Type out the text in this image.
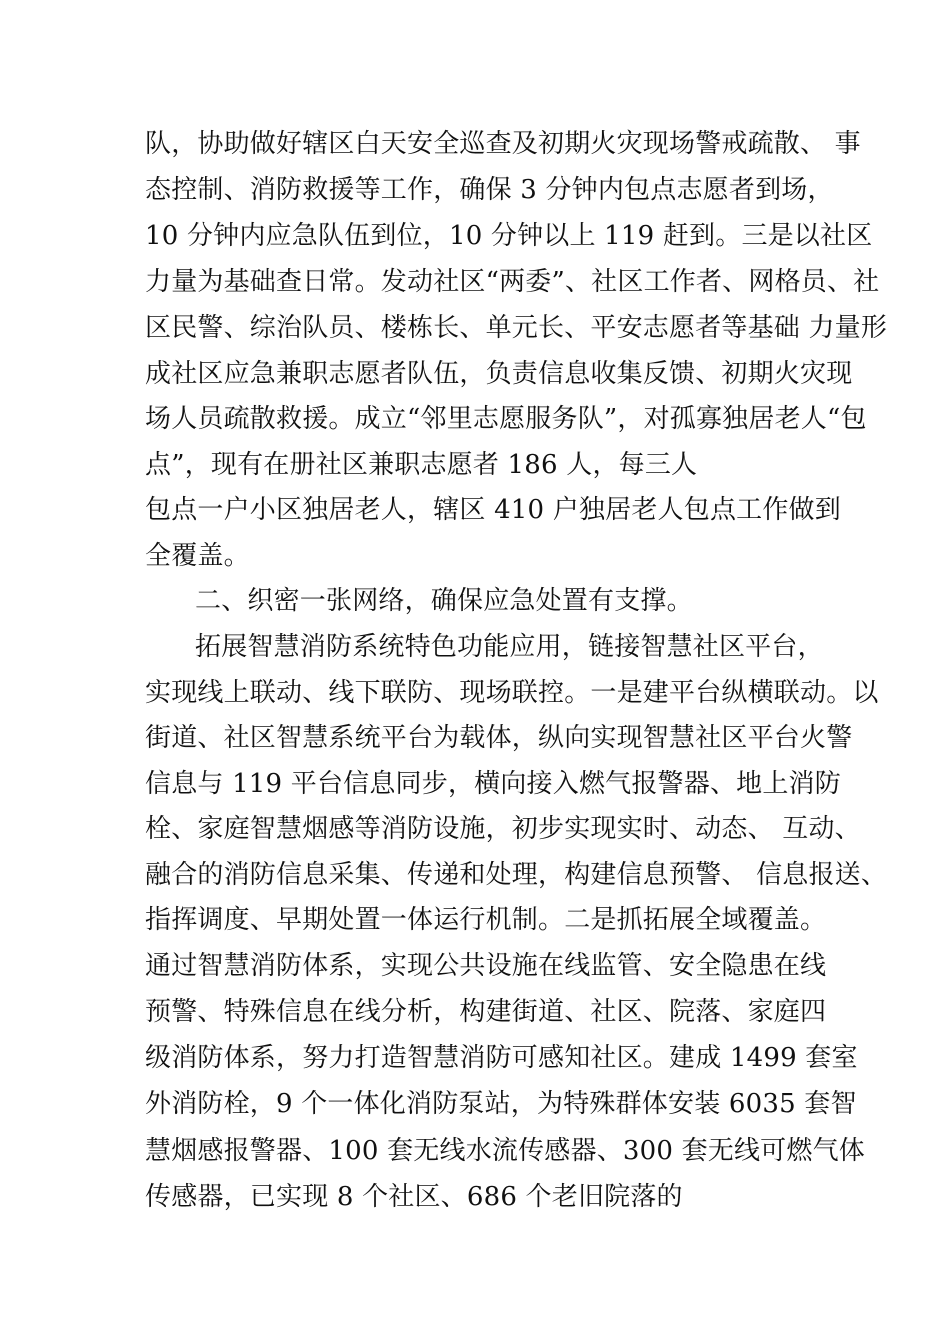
队，协助做好辖区白天安全巡查及初期火灾现场警戒疏散、 事
态控制、消防救援等工作，确保 3 分钟内包点志愿者到场，
10 分钟内应急队伍到位，10 分钟以上 119 赶到。三是以社区
力量为基础查日常。发动社区“两委”、社区工作者、网格员、社
区民警、综治队员、楼栋长、单元长、平安志愿者等基础 力量形
成社区应急兼职志愿者队伍，负责信息收集反馈、初期火灾现
场人员疏散救援。成立“邻里志愿服务队”，对孤寡独居老人“包
点”，现有在册社区兼职志愿者 186 人，每三人
包点一户小区独居老人，辖区 410 户独居老人包点工作做到
全覆盖。
二、织密一张网络，确保应急处置有支撑。
拓展智慧消防系统特色功能应用，链接智慧社区平台，
实现线上联动、线下联防、现场联控。一是建平台纵横联动。以
街道、社区智慧系统平台为载体，纵向实现智慧社区平台火警
信息与 119 平台信息同步，横向接入燃气报警器、地上消防
栓、家庭智慧烟感等消防设施，初步实现实时、动态、 互动、
融合的消防信息采集、传递和处理，构建信息预警、 信息报送、
指挥调度、早期处置一体运行机制。二是抓拓展全域覆盖。
通过智慧消防体系，实现公共设施在线监管、安全隐患在线
预警、特殊信息在线分析，构建街道、社区、院落、家庭四
级消防体系，努力打造智慧消防可感知社区。建成 1499 套室
外消防栓，9 个一体化消防泵站，为特殊群体安装 6035 套智
慧烟感报警器、100 套无线水流传感器、300 套无线可燃气体
传感器，已实现 8 个社区、686 个老旧院落的
